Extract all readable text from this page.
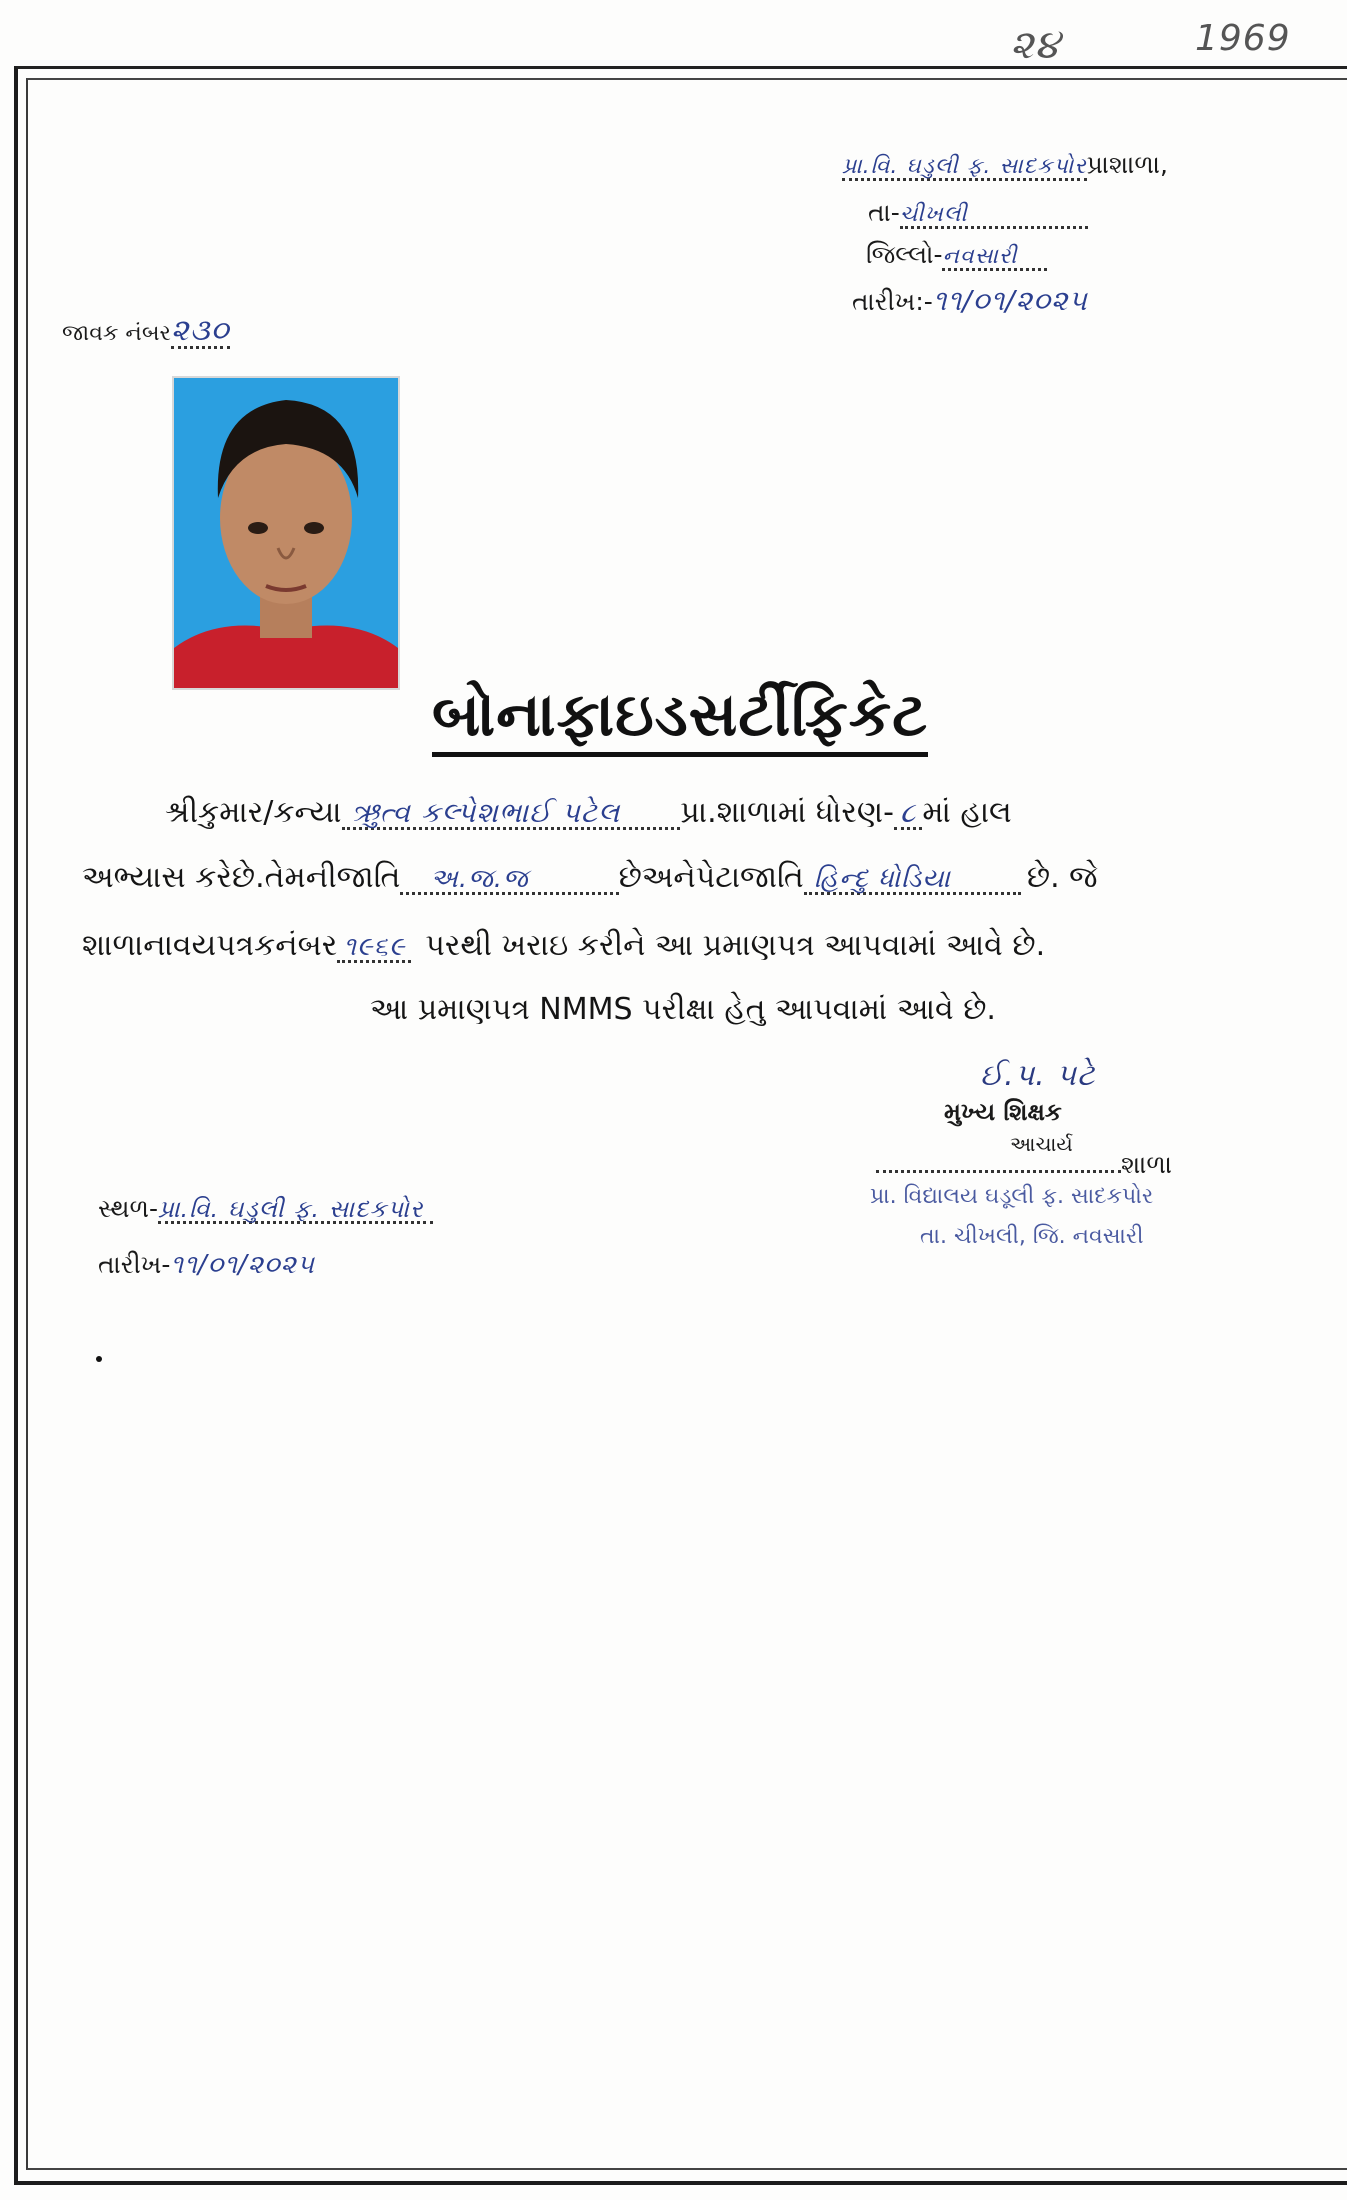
૨૪	1969
પ્રા.વિ. ઘડુલી ફ. સાદકપોરપ્રાશાળા,
તા-ચીખલી
જિલ્લો-નવસારી
તારીખ:-૧૧/૦૧/૨૦૨૫
જાવક નંબર૨૩૦
બોનાફાઇડસર્ટીફિકેટ
શ્રીકુમાર/કન્યા ઋુત્વ કલ્પેશભાઈ પટેલ પ્રા.શાળામાં ધોરણ- ૮ માં હાલ
અભ્યાસ કરેછે.તેમનીજાતિ અ.જ.જ	છેઅનેપેટાજાતિ હિન્દુ ધોડિયા	છે. જે
શાળાનાવયપત્રકનંબર ૧૯૬૯ પરથી ખરાઇ કરીને આ પ્રમાણપત્ર આપવામાં આવે છે.
આ પ્રમાણપત્ર NMMS પરીક્ષા હેતુ આપવામાં આવે છે.
ઈ.પ. ૫ટે
મુખ્ય શિક્ષક
આચાર્ય
શાળા
પ્રા. વિદ્યાલય ઘડૂલી ફ. સાદકપોર
તા. ચીખલી, જિ. નવસારી
સ્થળ-પ્રા.વિ. ઘડુલી ફ. સાદકપોર
તારીખ-૧૧/૦૧/૨૦૨૫
